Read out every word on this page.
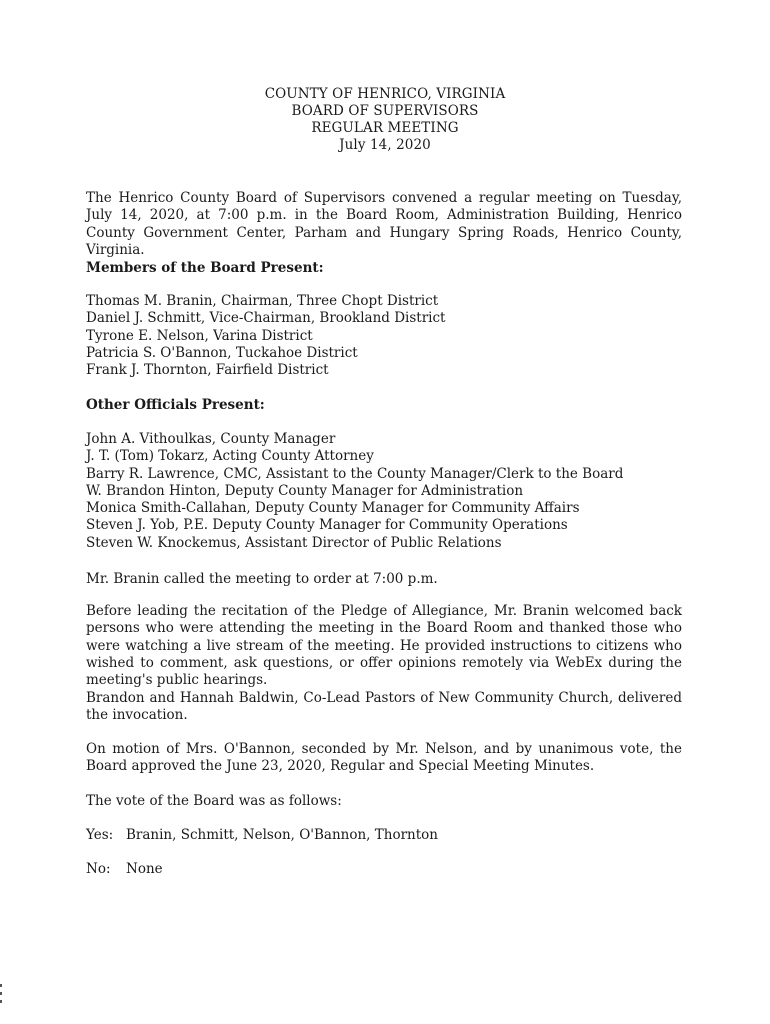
COUNTY OF HENRICO, VIRGINIA
BOARD OF SUPERVISORS
REGULAR MEETING
July 14, 2020
The Henrico County Board of Supervisors convened a regular meeting on Tuesday, July 14, 2020, at 7:00 p.m. in the Board Room, Administration Building, Henrico County Government Center, Parham and Hungary Spring Roads, Henrico County, Virginia.
Members of the Board Present:
Thomas M. Branin, Chairman, Three Chopt District
Daniel J. Schmitt, Vice-Chairman, Brookland District
Tyrone E. Nelson, Varina District
Patricia S. O'Bannon, Tuckahoe District
Frank J. Thornton, Fairfield District
Other Officials Present:
John A. Vithoulkas, County Manager
J. T. (Tom) Tokarz, Acting County Attorney
Barry R. Lawrence, CMC, Assistant to the County Manager/Clerk to the Board
W. Brandon Hinton, Deputy County Manager for Administration
Monica Smith-Callahan, Deputy County Manager for Community Affairs
Steven J. Yob, P.E. Deputy County Manager for Community Operations
Steven W. Knockemus, Assistant Director of Public Relations
Mr. Branin called the meeting to order at 7:00 p.m.
Before leading the recitation of the Pledge of Allegiance, Mr. Branin welcomed back persons who were attending the meeting in the Board Room and thanked those who were watching a live stream of the meeting. He provided instructions to citizens who wished to comment, ask questions, or offer opinions remotely via WebEx during the meeting's public hearings.
Brandon and Hannah Baldwin, Co-Lead Pastors of New Community Church, delivered the invocation.
On motion of Mrs. O'Bannon, seconded by Mr. Nelson, and by unanimous vote, the Board approved the June 23, 2020, Regular and Special Meeting Minutes.
The vote of the Board was as follows:
Yes: Branin, Schmitt, Nelson, O'Bannon, Thornton
No: None
